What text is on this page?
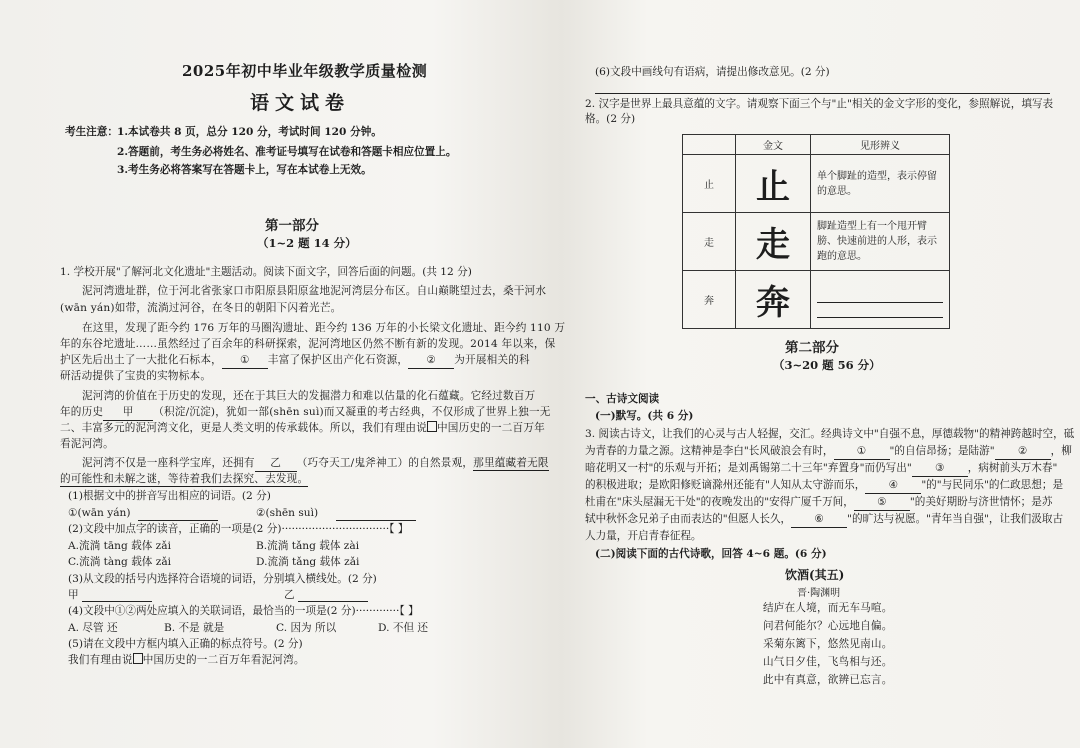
2025年初中毕业年级教学质量检测
语文试卷
考生注意： 1.本试卷共 8 页，总分 120 分，考试时间 120 分钟。
2.答题前，考生务必将姓名、准考证号填写在试卷和答题卡相应位置上。
3.考生务必将答案写在答题卡上，写在本试卷上无效。
第一部分
（1~2 题 14 分）
1. 学校开展"了解河北文化遗址"主题活动。阅读下面文字，回答后面的问题。(共 12 分)
泥河湾遗址群，位于河北省张家口市阳原县阳原盆地泥河湾层分布区。自山巅眺望过去，桑干河水
(wān yán)如带，流淌过河谷，在冬日的朝阳下闪着光芒。
在这里，发现了距今约 176 万年的马圈沟遗址、距今约 136 万年的小长梁文化遗址、距今约 110 万
年的东谷坨遗址……虽然经过了百余年的科研探索，泥河湾地区仍然不断有新的发现。2014 年以来，保
护区先后出土了一大批化石标本， ① 丰富了保护区出产化石资源， ② 为开展相关的科
研活动提供了宝贵的实物标本。
泥河湾的价值在于历史的发现，还在于其巨大的发掘潜力和难以估量的化石蕴藏。它经过数百万
年的历史 甲 （积淀/沉淀)，犹如一部(shēn suì)而又凝重的考古经典，不仅形成了世界上独一无
二、丰富多元的泥河湾文化，更是人类文明的传承载体。所以，我们有理由说 中国历史的一二百万年
看泥河湾。
泥河湾不仅是一座科学宝库，还拥有 乙 （巧夺天工/鬼斧神工）的自然景观，那里蕴藏着无限
的可能性和未解之谜，等待着我们去探究、去发现。
(1)根据文中的拼音写出相应的词语。(2 分)
①(wān yán)	②(shēn suì)
(2)文段中加点字的读音，正确的一项是(2 分)································【 】
A.流淌 tāng 载体 zǎi	B.流淌 tǎng 载体 zài
C.流淌 tàng 载体 zǎi	D.流淌 tǎng 载体 zǎi
(3)从文段的括号内选择符合语境的词语，分别填入横线处。(2 分)
甲	乙
(4)文段中①②两处应填入的关联词语，最恰当的一项是(2 分)·············【 】
A. 尽管 还	B. 不是 就是	C. 因为 所以	D. 不但 还
(5)请在文段中方框内填入正确的标点符号。(2 分)
我们有理由说 中国历史的一二百万年看泥河湾。
(6)文段中画线句有语病，请提出修改意见。(2 分)
2. 汉字是世界上最具意蕴的文字。请观察下面三个与"止"相关的金文字形的变化，参照解说，填写表
格。(2 分)
	金文	见形辨义
止	止	单个脚趾的造型，表示停留
的意思。
走	走	脚趾造型上有一个甩开臂
膀、快速前进的人形，表示
跑的意思。
奔	奔	
第二部分
（3~20 题 56 分）
一、古诗文阅读
(一)默写。(共 6 分)
3. 阅读古诗文，让我们的心灵与古人轻握，交汇。经典诗文中"自强不息，厚德载物"的精神跨越时空，砥
为青春的力量之源。这精神是李白"长风破浪会有时， ① "的自信昂扬；是陆游" ② ，柳
暗花明又一村"的乐观与开拓；是刘禹锡第二十三年"弃置身"而仍写出" ③ ，病树前头万木春"
的积极进取；是欧阳修贬谪滁州还能有"人知从太守游而乐， ④ "的"与民同乐"的仁政思想；是
杜甫在"床头屋漏无干处"的夜晚发出的"安得广厦千万间， ⑤ "的美好期盼与济世情怀；是苏
轼中秋怀念兄弟子由而表达的"但愿人长久， ⑥ "的旷达与祝愿。"青年当自强"，让我们汲取古
人力量，开启青春征程。
(二)阅读下面的古代诗歌，回答 4~6 题。(6 分)
饮酒(其五)
晋·陶渊明
结庐在人境，而无车马喧。
问君何能尔？心远地自偏。
采菊东篱下，悠然见南山。
山气日夕佳，飞鸟相与还。
此中有真意，欲辨已忘言。
